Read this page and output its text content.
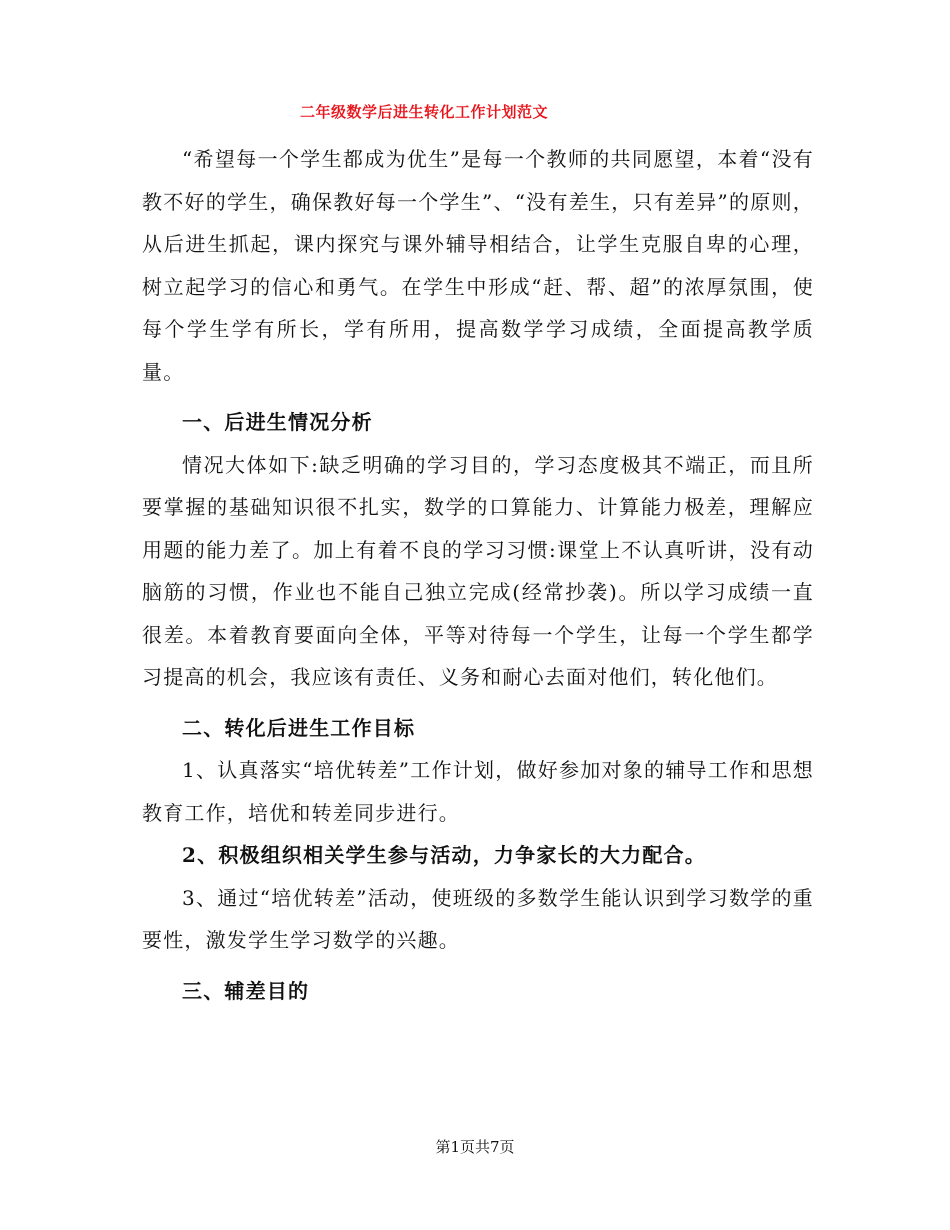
二年级数学后进生转化工作计划范文

“希望每一个学生都成为优生”是每一个教师的共同愿望，本着“没有教不好的学生，确保教好每一个学生”、“没有差生，只有差异”的原则，从后进生抓起，课内探究与课外辅导相结合，让学生克服自卑的心理，树立起学习的信心和勇气。在学生中形成“赶、帮、超”的浓厚氛围，使每个学生学有所长，学有所用，提高数学学习成绩，全面提高教学质量。

一、后进生情况分析

情况大体如下:缺乏明确的学习目的，学习态度极其不端正，而且所要掌握的基础知识很不扎实，数学的口算能力、计算能力极差，理解应用题的能力差了。加上有着不良的学习习惯:课堂上不认真听讲，没有动脑筋的习惯，作业也不能自己独立完成(经常抄袭)。所以学习成绩一直很差。本着教育要面向全体，平等对待每一个学生，让每一个学生都学习提高的机会，我应该有责任、义务和耐心去面对他们，转化他们。

二、转化后进生工作目标

1、认真落实“培优转差”工作计划，做好参加对象的辅导工作和思想教育工作，培优和转差同步进行。

2、积极组织相关学生参与活动，力争家长的大力配合。

3、通过“培优转差”活动，使班级的多数学生能认识到学习数学的重要性，激发学生学习数学的兴趣。

三、辅差目的

第1页共7页
